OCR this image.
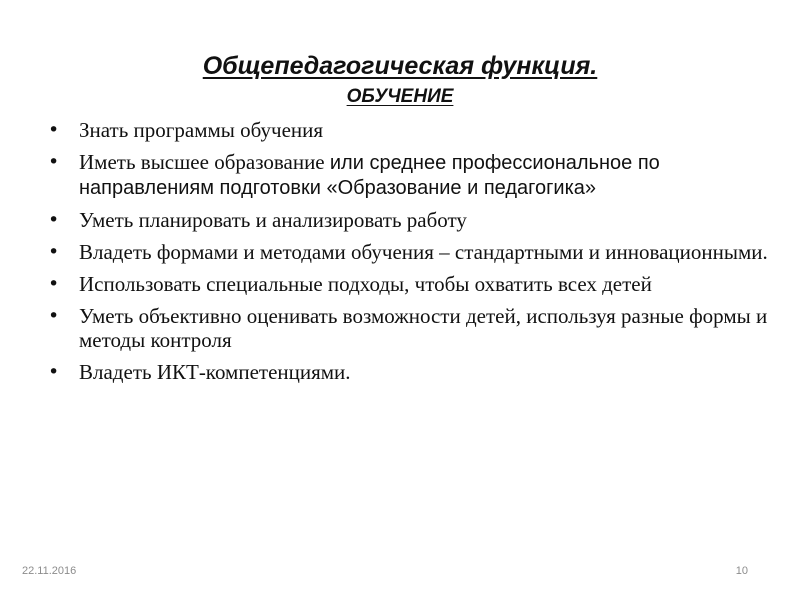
Общепедагогическая функция.
ОБУЧЕНИЕ
• Знать программы обучения
• Иметь высшее образование или среднее профессиональное по направлениям подготовки «Образование и педагогика»
• Уметь планировать и анализировать работу
• Владеть формами и методами обучения – стандартными и инновационными.
• Использовать специальные подходы, чтобы охватить всех детей
• Уметь объективно оценивать возможности детей, используя разные формы и методы контроля
• Владеть ИКТ-компетенциями.
22.11.2016	10
